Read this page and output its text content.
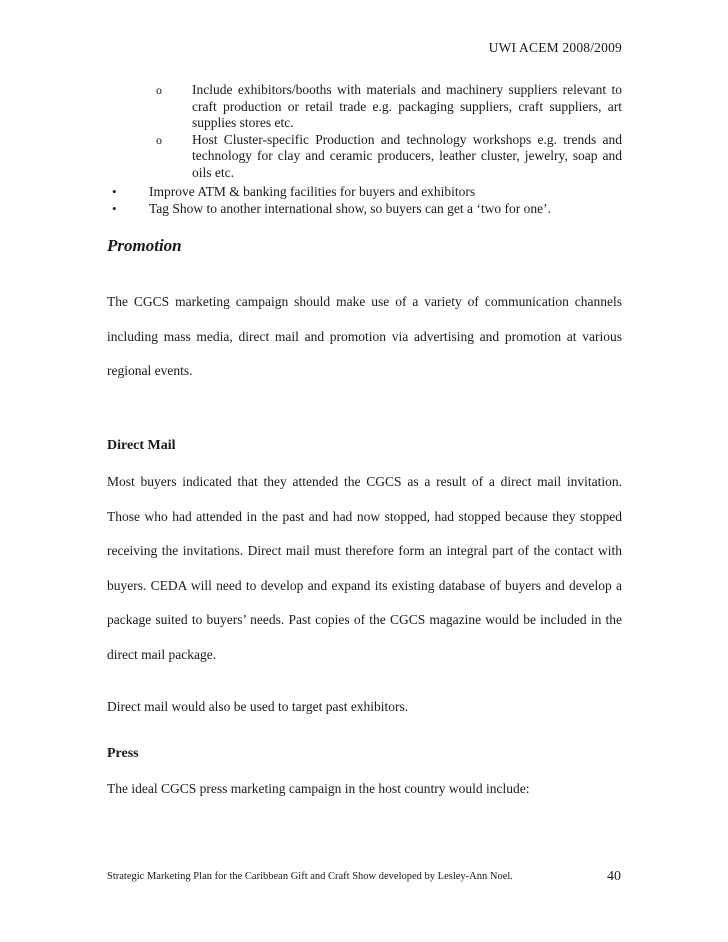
UWI ACEM 2008/2009

o	Include exhibitors/booths with materials and machinery suppliers relevant to craft production or retail trade e.g. packaging suppliers, craft suppliers, art supplies stores etc.

o	Host Cluster-specific Production and technology workshops e.g. trends and technology for clay and ceramic producers, leather cluster, jewelry, soap and oils etc.

•	Improve ATM & banking facilities for buyers and exhibitors
•	Tag Show to another international show, so buyers can get a ‘two for one’.
Promotion

The CGCS marketing campaign should make use of a variety of communication channels including mass media, direct mail and promotion via advertising and promotion at various regional events.

Direct Mail

Most buyers indicated that they attended the CGCS as a result of a direct mail invitation. Those who had attended in the past and had now stopped, had stopped because they stopped receiving the invitations. Direct mail must therefore form an integral part of the contact with buyers. CEDA will need to develop and expand its existing database of buyers and develop a package suited to buyers’ needs. Past copies of the CGCS magazine would be included in the direct mail package.

Direct mail would also be used to target past exhibitors.

Press

The ideal CGCS press marketing campaign in the host country would include:

Strategic Marketing Plan for the Caribbean Gift and Craft Show developed by Lesley-Ann Noel.	40
